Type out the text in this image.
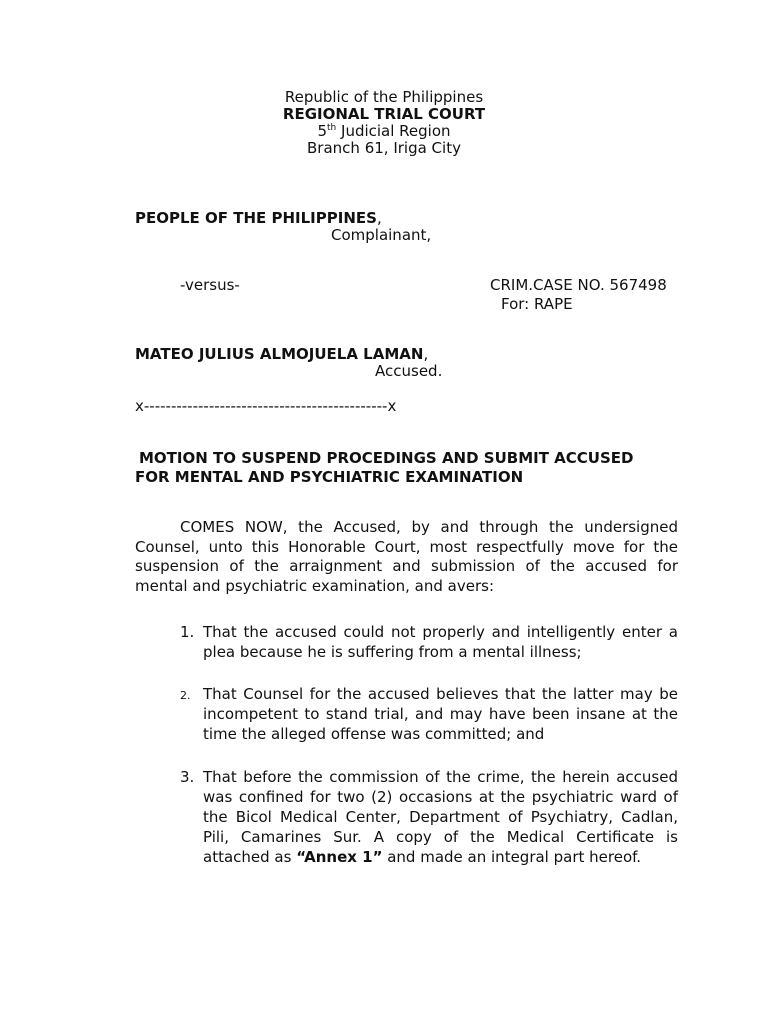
Republic of the Philippines
REGIONAL TRIAL COURT
5th Judicial Region
Branch 61, Iriga City
PEOPLE OF THE PHILIPPINES,
Complainant,
-versus-	CRIM.CASE NO. 567498
For: RAPE
MATEO JULIUS ALMOJUELA LAMAN,
Accused.
x---------------------------------------------x
MOTION TO SUSPEND PROCEDINGS AND SUBMIT ACCUSED
FOR MENTAL AND PSYCHIATRIC EXAMINATION
COMES NOW, the Accused, by and through the undersigned Counsel, unto this Honorable Court, most respectfully move for the suspension of the arraignment and submission of the accused for mental and psychiatric examination, and avers:
1. That the accused could not properly and intelligently enter a plea because he is suffering from a mental illness;
2. That Counsel for the accused believes that the latter may be incompetent to stand trial, and may have been insane at the time the alleged offense was committed; and
3. That before the commission of the crime, the herein accused was confined for two (2) occasions at the psychiatric ward of the Bicol Medical Center, Department of Psychiatry, Cadlan, Pili, Camarines Sur. A copy of the Medical Certificate is attached as “Annex 1” and made an integral part hereof.
